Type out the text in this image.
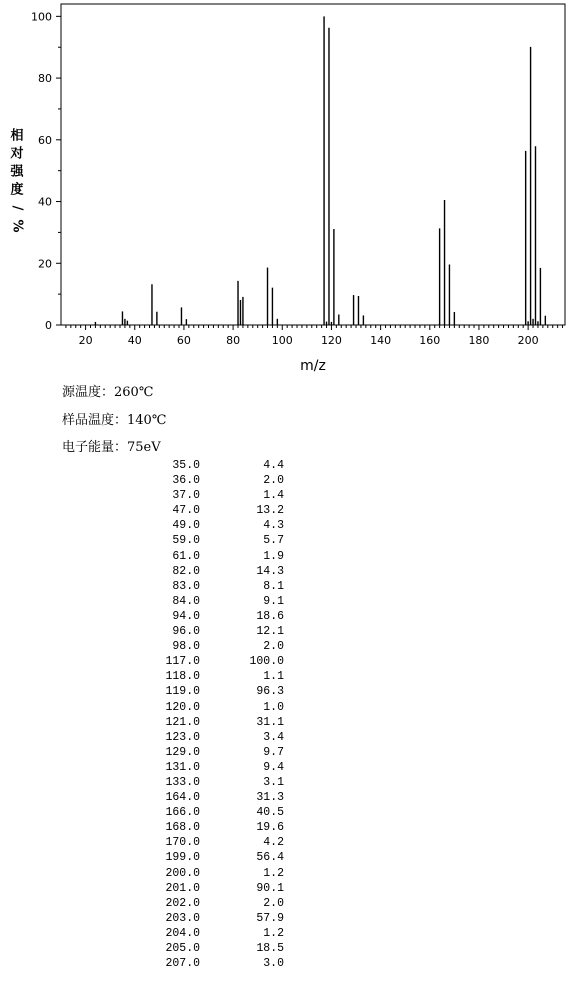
0
20
40
60
80
100
20	40	60	80	100	120	140	160	180	200
m/z
相
对
强
度
/
%
源温度：260℃
样品温度：140℃
电子能量：75eV
35.0	4.4
36.0	2.0
37.0	1.4
47.0	13.2
49.0	4.3
59.0	5.7
61.0	1.9
82.0	14.3
83.0	8.1
84.0	9.1
94.0	18.6
96.0	12.1
98.0	2.0
117.0	100.0
118.0	1.1
119.0	96.3
120.0	1.0
121.0	31.1
123.0	3.4
129.0	9.7
131.0	9.4
133.0	3.1
164.0	31.3
166.0	40.5
168.0	19.6
170.0	4.2
199.0	56.4
200.0	1.2
201.0	90.1
202.0	2.0
203.0	57.9
204.0	1.2
205.0	18.5
207.0	3.0
